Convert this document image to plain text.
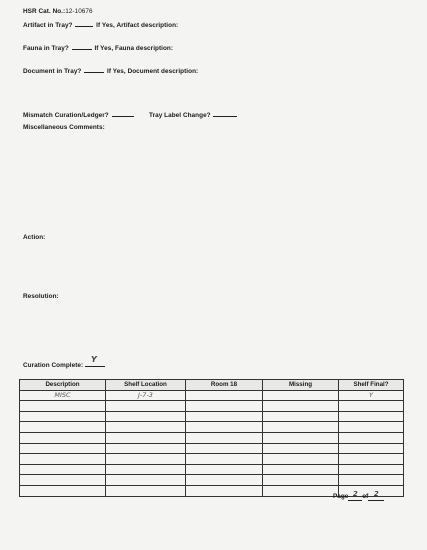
HSR Cat. No.:12-10676
Artifact in Tray?	If Yes, Artifact description:
Fauna in Tray?	If Yes, Fauna description:
Document in Tray?	If Yes, Document description:
Mismatch Curation/Ledger?	Tray Label Change?
Miscellaneous Comments:
Action:
Resolution:
Curation Complete:
Y
Description	Shelf Location	Room 18	Missing	Shelf Final?
MISC	J-7-3			Y

Page 2 of 2
